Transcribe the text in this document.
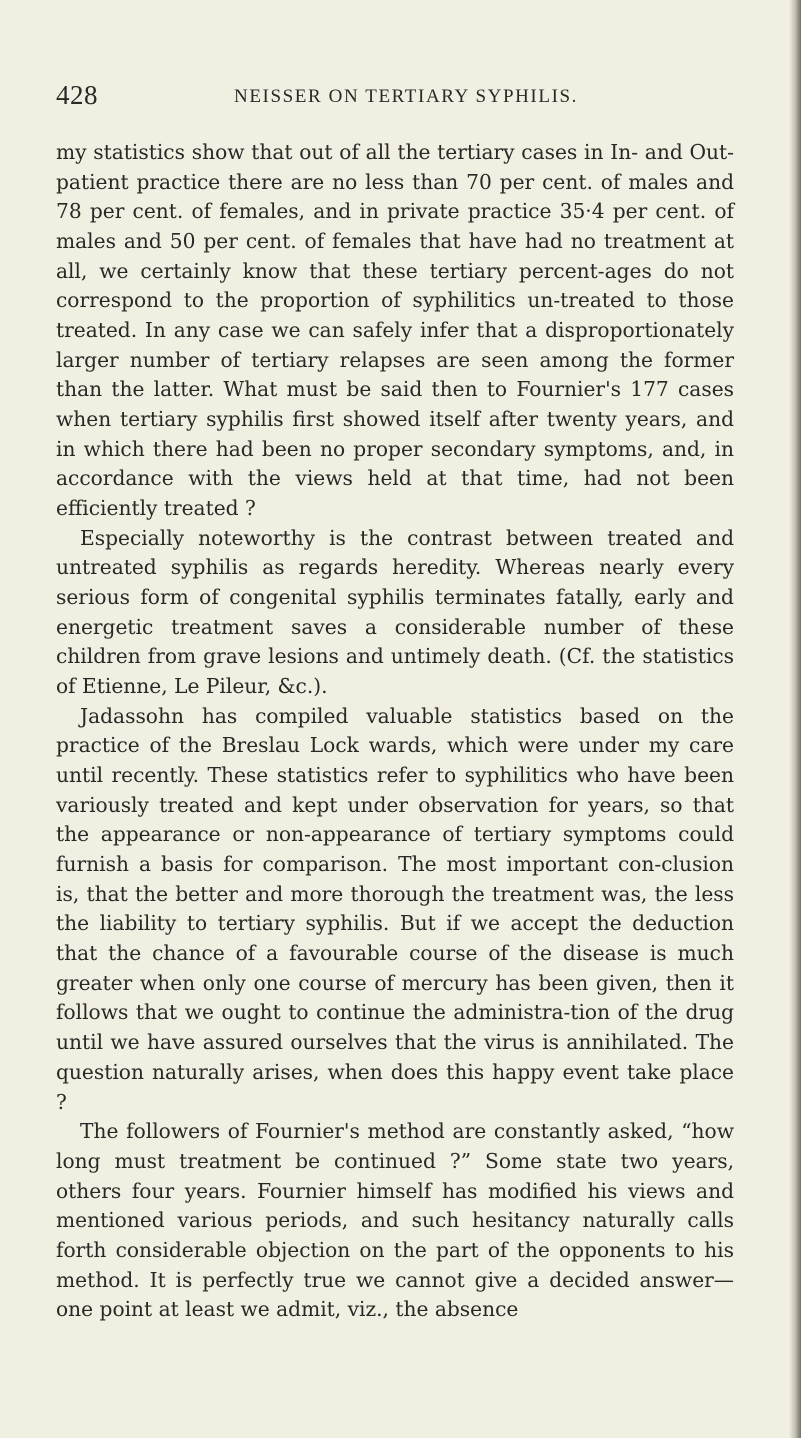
428	NEISSER ON TERTIARY SYPHILIS.

my statistics show that out of all the tertiary cases in In- and Out-patient practice there are no less than 70 per cent. of males and 78 per cent. of females, and in private practice 35·4 per cent. of males and 50 per cent. of females that have had no treatment at all, we certainly know that these tertiary percent-ages do not correspond to the proportion of syphilitics un-treated to those treated. In any case we can safely infer that a disproportionately larger number of tertiary relapses are seen among the former than the latter. What must be said then to Fournier's 177 cases when tertiary syphilis first showed itself after twenty years, and in which there had been no proper secondary symptoms, and, in accordance with the views held at that time, had not been efficiently treated ?

Especially noteworthy is the contrast between treated and untreated syphilis as regards heredity. Whereas nearly every serious form of congenital syphilis terminates fatally, early and energetic treatment saves a considerable number of these children from grave lesions and untimely death. (Cf. the statistics of Etienne, Le Pileur, &c.).

Jadassohn has compiled valuable statistics based on the practice of the Breslau Lock wards, which were under my care until recently. These statistics refer to syphilitics who have been variously treated and kept under observation for years, so that the appearance or non-appearance of tertiary symptoms could furnish a basis for comparison. The most important con-clusion is, that the better and more thorough the treatment was, the less the liability to tertiary syphilis. But if we accept the deduction that the chance of a favourable course of the disease is much greater when only one course of mercury has been given, then it follows that we ought to continue the administra-tion of the drug until we have assured ourselves that the virus is annihilated. The question naturally arises, when does this happy event take place ?

The followers of Fournier's method are constantly asked, “how long must treatment be continued ?” Some state two years, others four years. Fournier himself has modified his views and mentioned various periods, and such hesitancy naturally calls forth considerable objection on the part of the opponents to his method. It is perfectly true we cannot give a decided answer—one point at least we admit, viz., the absence
